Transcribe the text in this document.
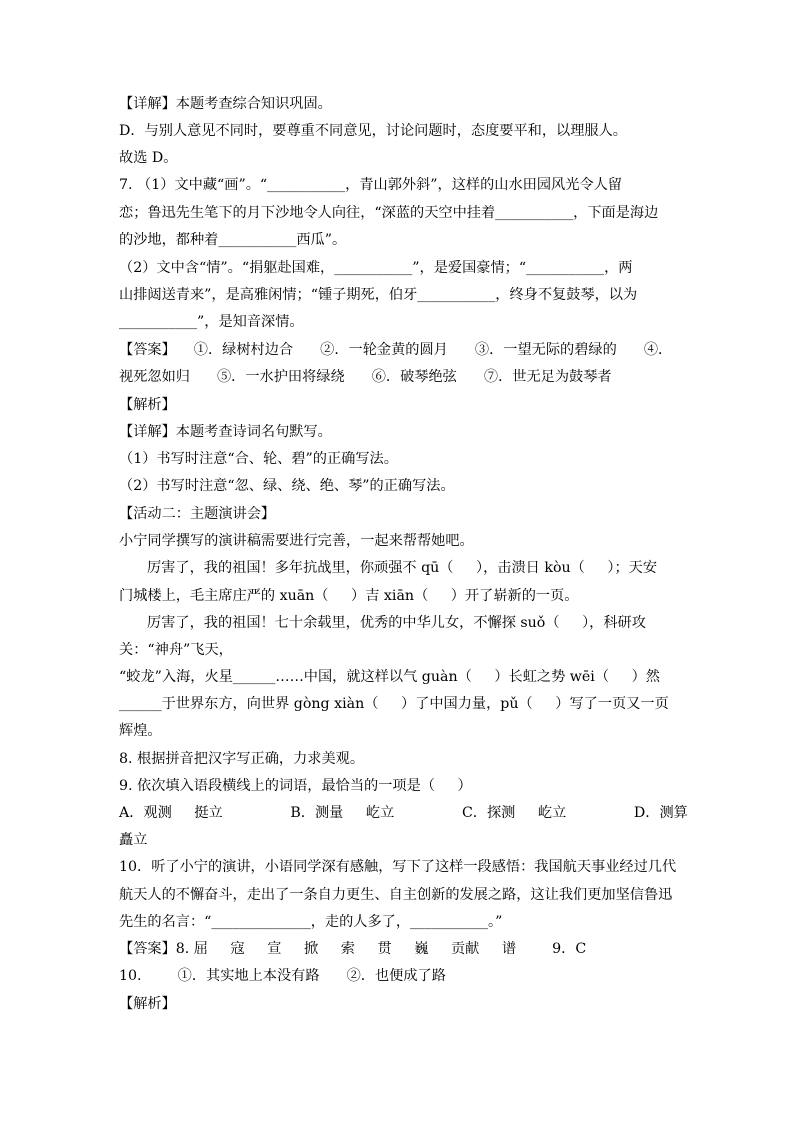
【详解】本题考查综合知识巩固。
D．与别人意见不同时，要尊重不同意见，讨论问题时，态度要平和，以理服人。
故选 D。
7. （1）文中藏“画”。“___________，青山郭外斜”，这样的山水田园风光令人留
恋；鲁迅先生笔下的月下沙地令人向往，“深蓝的天空中挂着___________，下面是海边
的沙地，都种着___________西瓜”。
（2）文中含“情”。“捐躯赴国难，___________”，是爱国豪情；“___________，两
山排闼送青来”，是高雅闲情；“锺子期死，伯牙___________，终身不复鼓琴，以为
___________”，是知音深情。
【答案】    ①．绿树村边合      ②．一轮金黄的圆月      ③．一望无际的碧绿的      ④．
视死忽如归      ⑤．一水护田将绿绕      ⑥．破琴绝弦      ⑦．世无足为鼓琴者
【解析】
【详解】本题考查诗词名句默写。
（1）书写时注意“合、轮、碧”的正确写法。
（2）书写时注意“忽、绿、绕、绝、琴”的正确写法。
【活动二：主题演讲会】
小宁同学撰写的演讲稿需要进行完善，一起来帮帮她吧。
厉害了，我的祖国！多年抗战里，你顽强不 qū（     ），击溃日 kòu（     ）；天安
门城楼上，毛主席庄严的 xuān（     ）吉 xiān（     ）开了崭新的一页。
厉害了，我的祖国！七十余载里，优秀的中华儿女，不懈探 suǒ（     ），科研攻
关：“神舟”飞天，
“蛟龙”入海，火星______……中国，就这样以气 guàn（     ）长虹之势 wēi（     ）然
______于世界东方，向世界 gòng xiàn（     ）了中国力量，pǔ（     ）写了一页又一页
辉煌。
8. 根据拼音把汉字写正确，力求美观。
9. 依次填入语段横线上的词语，最恰当的一项是（     ）
A．观测     挺立               B．测量     屹立               C．探测     屹立               D．测算
矗立
10．听了小宁的演讲，小语同学深有感触，写下了这样一段感悟：我国航天事业经过几代
航天人的不懈奋斗，走出了一条自力更生、自主创新的发展之路，这让我们更加坚信鲁迅
先生的名言：“______________，走的人多了，___________。”
【答案】8. 屈     寇     宣     掀     索     贯     巍     贡献     谱        9．C
10.        ①．其实地上本没有路      ②．也便成了路
【解析】
